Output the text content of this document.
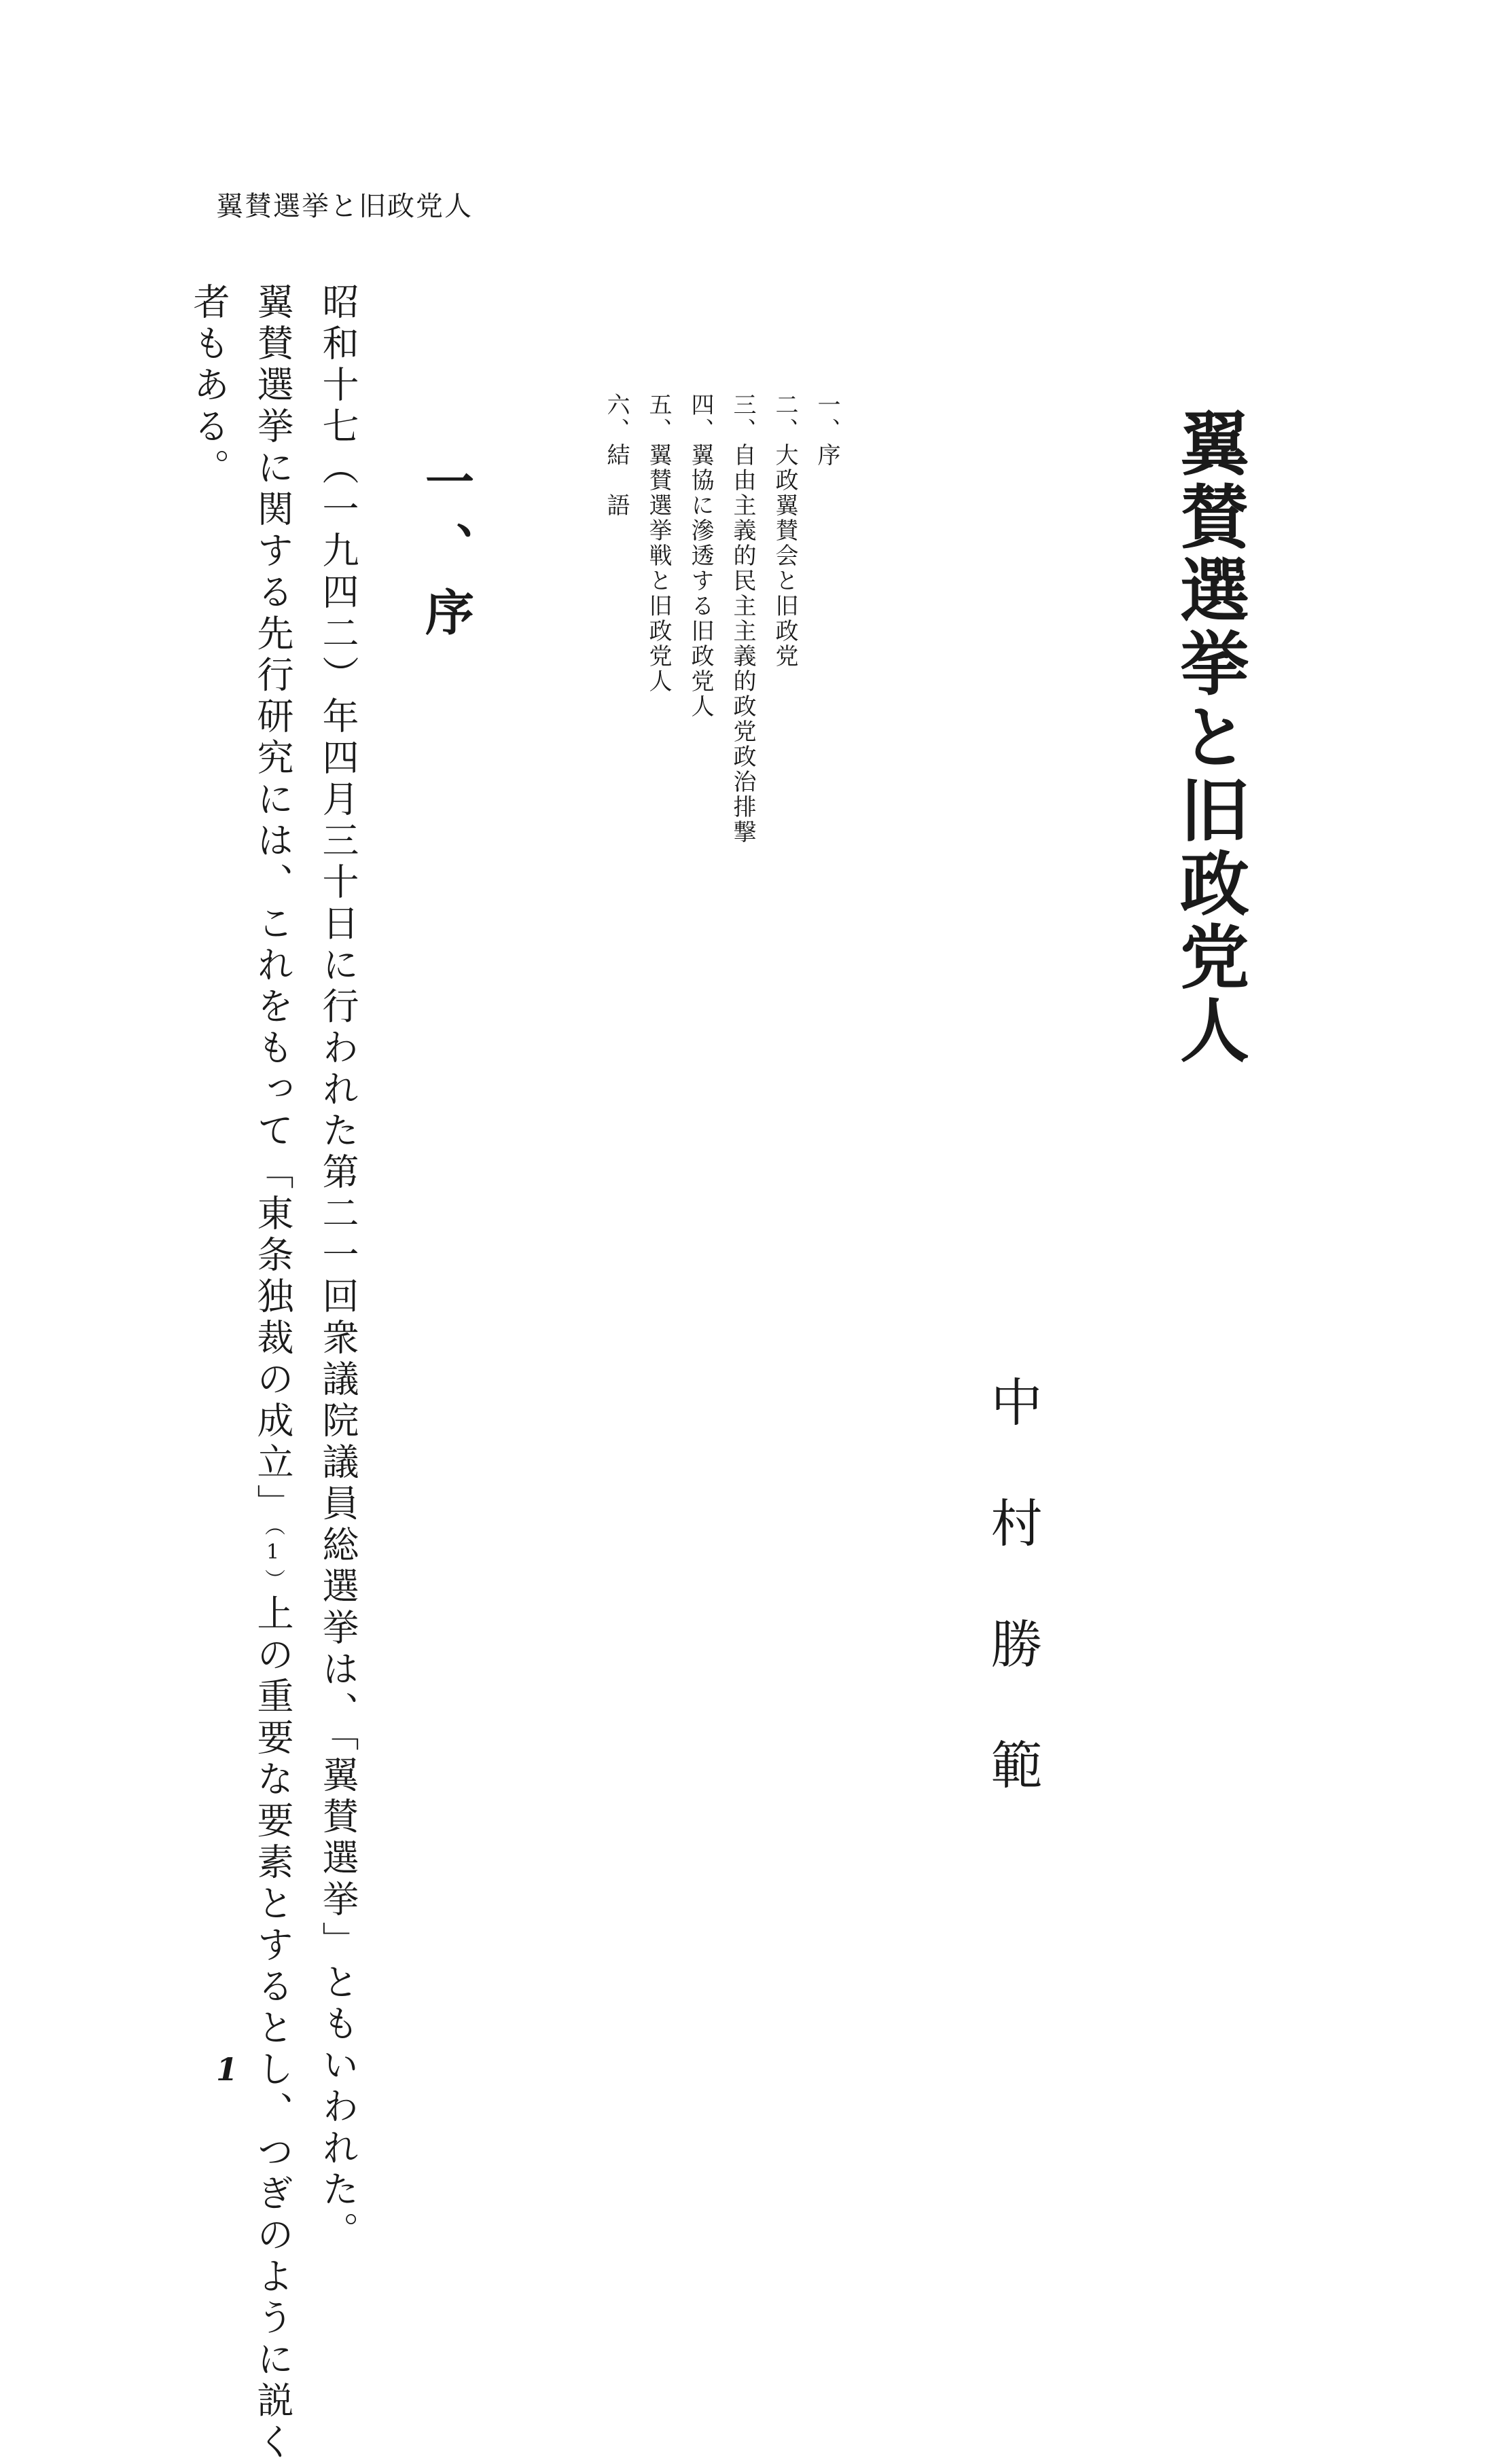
翼賛選挙と旧政党人
翼賛選挙と旧政党人
中村勝範
一、序
二、大政翼賛会と旧政党
三、自由主義的民主主義的政党政治排撃
四、翼協に滲透する旧政党人
五、翼賛選挙戦と旧政党人
六、結　語
一、序

昭和十七（一九四二）年四月三十日に行われた第二一回衆議院議員総選挙は、「翼賛選挙」ともいわれた。

翼賛選挙に関する先行研究には、これをもって「東条独裁の成立」（1）上の重要な要素とするとし、つぎのように説く

者もある。

1
